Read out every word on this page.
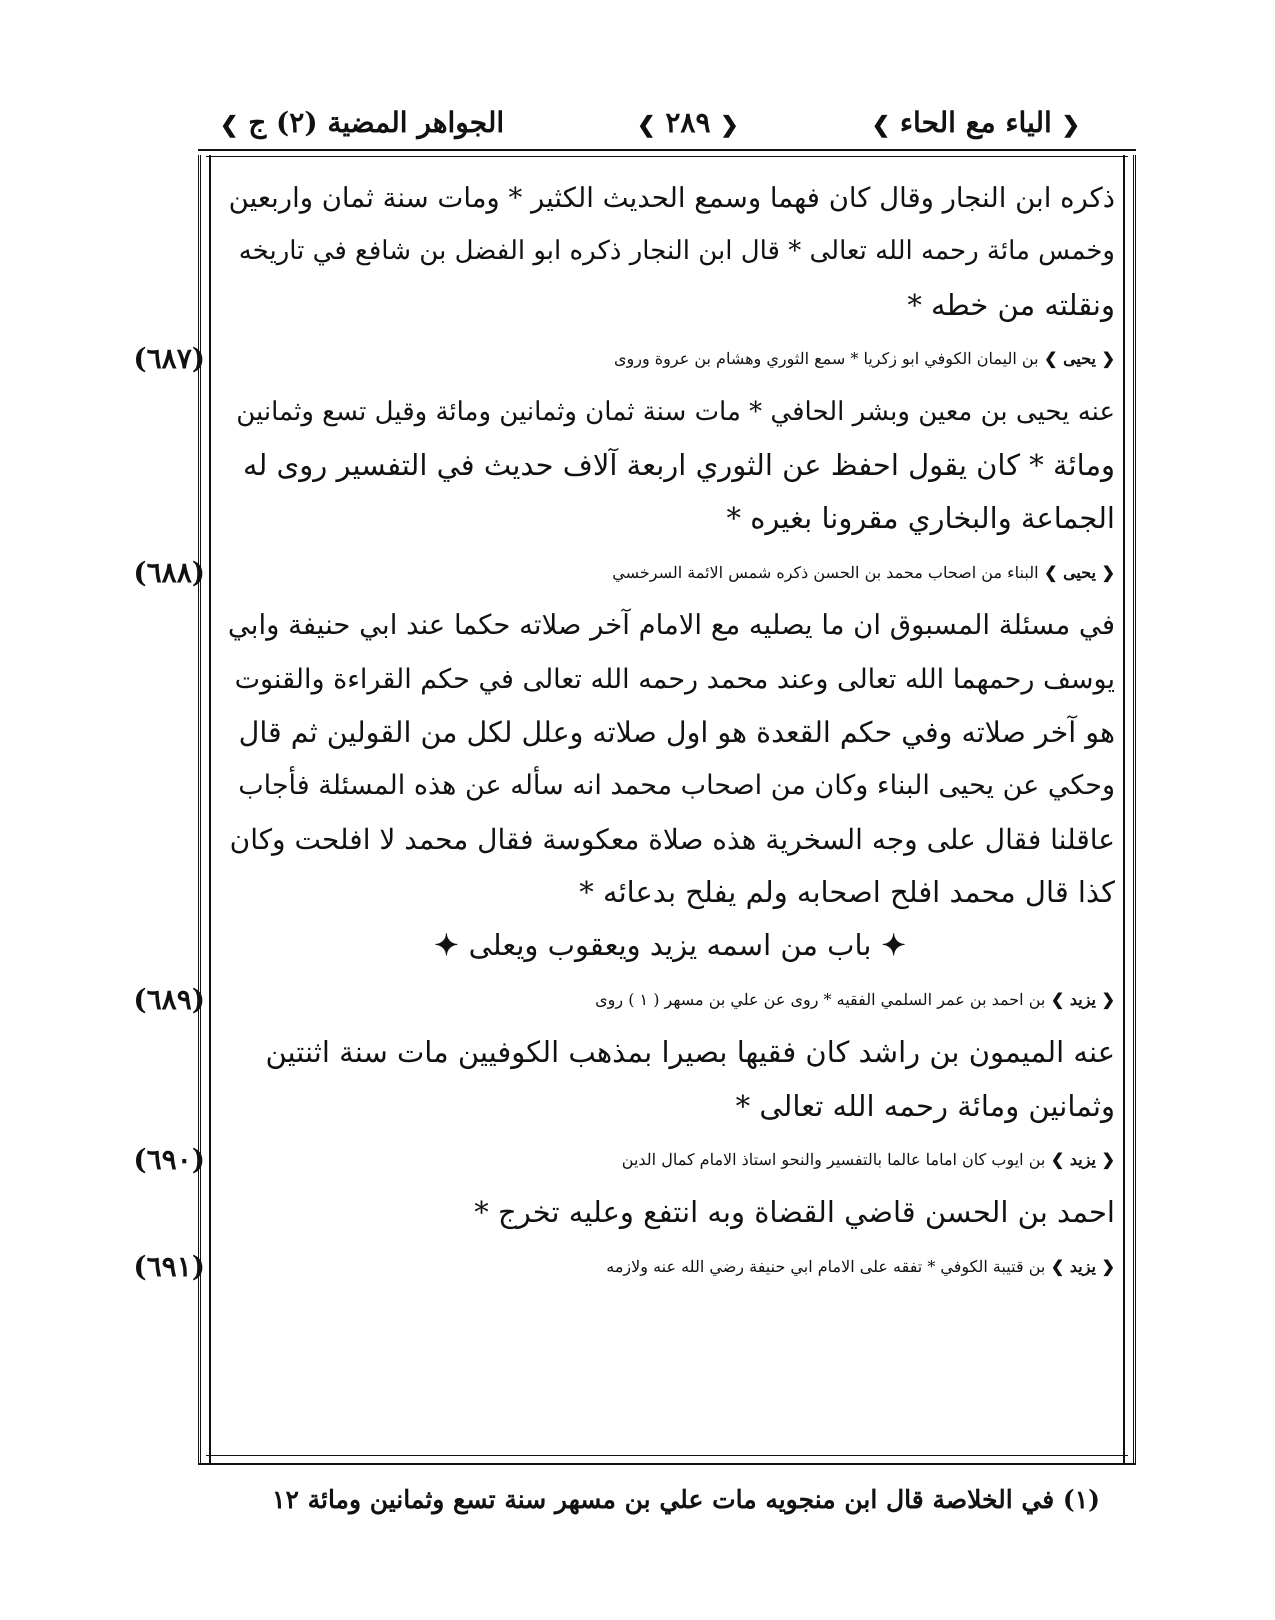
❮ الياء مع الحاء ❯
❮ ٢٨٩ ❯
الجواهر المضية (٢) ج ❯
ذكره ابن النجار وقال كان فهما وسمع الحديث الكثير * ومات سنة ثمان واربعين
وخمس مائة رحمه الله تعالى * قال ابن النجار ذكره ابو الفضل بن شافع في تاريخه
ونقلته من خطه *
(٦٨٧)	❮ يحيى ❯ بن اليمان الكوفي ابو زكريا * سمع الثوري وهشام بن عروة وروى
عنه يحيى بن معين وبشر الحافي * مات سنة ثمان وثمانين ومائة وقيل تسع وثمانين
ومائة * كان يقول احفظ عن الثوري اربعة آلاف حديث في التفسير روى له
الجماعة والبخاري مقرونا بغيره *
(٦٨٨)	❮ يحيى ❯ البناء من اصحاب محمد بن الحسن ذكره شمس الائمة السرخسي
في مسئلة المسبوق ان ما يصليه مع الامام آخر صلاته حكما عند ابي حنيفة وابي
يوسف رحمهما الله تعالى وعند محمد رحمه الله تعالى في حكم القراءة والقنوت
هو آخر صلاته وفي حكم القعدة هو اول صلاته وعلل لكل من القولين ثم قال
وحكي عن يحيى البناء وكان من اصحاب محمد انه سأله عن هذه المسئلة فأجاب
عاقلنا فقال على وجه السخرية هذه صلاة معكوسة فقال محمد لا افلحت وكان
كذا قال محمد افلح اصحابه ولم يفلح بدعائه *
✦ باب من اسمه يزيد ويعقوب ويعلى ✦
(٦٨٩)	❮ يزيد ❯ بن احمد بن عمر السلمي الفقيه * روى عن علي بن مسهر ( ١ ) روى
عنه الميمون بن راشد كان فقيها بصيرا بمذهب الكوفيين مات سنة اثنتين
وثمانين ومائة رحمه الله تعالى *
(٦٩٠)	❮ يزيد ❯ بن ايوب كان اماما عالما بالتفسير والنحو استاذ الامام كمال الدين
احمد بن الحسن قاضي القضاة وبه انتفع وعليه تخرج *
(٦٩١)	❮ يزيد ❯ بن قتيبة الكوفي * تفقه على الامام ابي حنيفة رضي الله عنه ولازمه
(١) في الخلاصة قال ابن منجويه مات علي بن مسهر سنة تسع وثمانين ومائة ١٢
